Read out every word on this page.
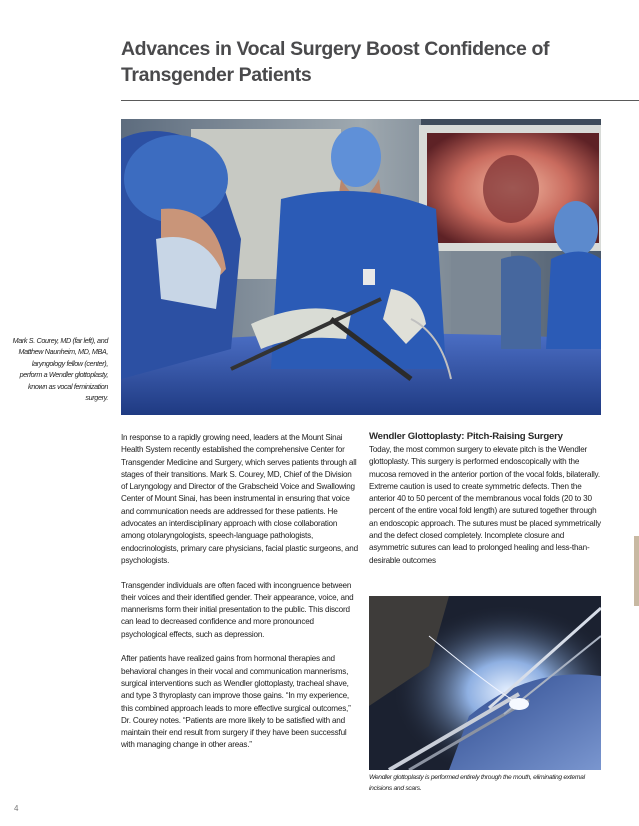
Advances in Vocal Surgery Boost Confidence of Transgender Patients
Mark S. Courey, MD (far left), and Matthew Naunheim, MD, MBA, laryngology fellow (center), perform a Wendler glottoplasty, known as vocal feminization surgery.

In response to a rapidly growing need, leaders at the Mount Sinai Health System recently established the comprehensive Center for Transgender Medicine and Surgery, which serves patients through all stages of their transitions. Mark S. Courey, MD, Chief of the Division of Laryngology and Director of the Grabscheid Voice and Swallowing Center of Mount Sinai, has been instrumental in ensuring that voice and communication needs are addressed for these patients. He advocates an interdisciplinary approach with close collaboration among otolaryngologists, speech-language pathologists, endocrinologists, primary care physicians, facial plastic surgeons, and psychologists.

Transgender individuals are often faced with incongruence between their voices and their identified gender. Their appearance, voice, and mannerisms form their initial presentation to the public. This discord can lead to decreased confidence and more pronounced psychological effects, such as depression.

After patients have realized gains from hormonal therapies and behavioral changes in their vocal and communication mannerisms, surgical interventions such as Wendler glottoplasty, tracheal shave, and type 3 thyroplasty can improve those gains. “In my experience, this combined approach leads to more effective surgical outcomes,” Dr. Courey notes. “Patients are more likely to be satisfied with and maintain their end result from surgery if they have been successful with managing change in other areas.”

Wendler Glottoplasty: Pitch-Raising Surgery

Today, the most common surgery to elevate pitch is the Wendler glottoplasty. This surgery is performed endoscopically with the mucosa removed in the anterior portion of the vocal folds, bilaterally. Extreme caution is used to create symmetric defects. Then the anterior 40 to 50 percent of the membranous vocal folds (20 to 30 percent of the entire vocal fold length) are sutured together through an endoscopic approach. The sutures must be placed symmetrically and the defect closed completely. Incomplete closure and asymmetric sutures can lead to prolonged healing and less-than-desirable outcomes

Wendler glottoplasty is performed entirely through the mouth, eliminating external incisions and scars.
4
